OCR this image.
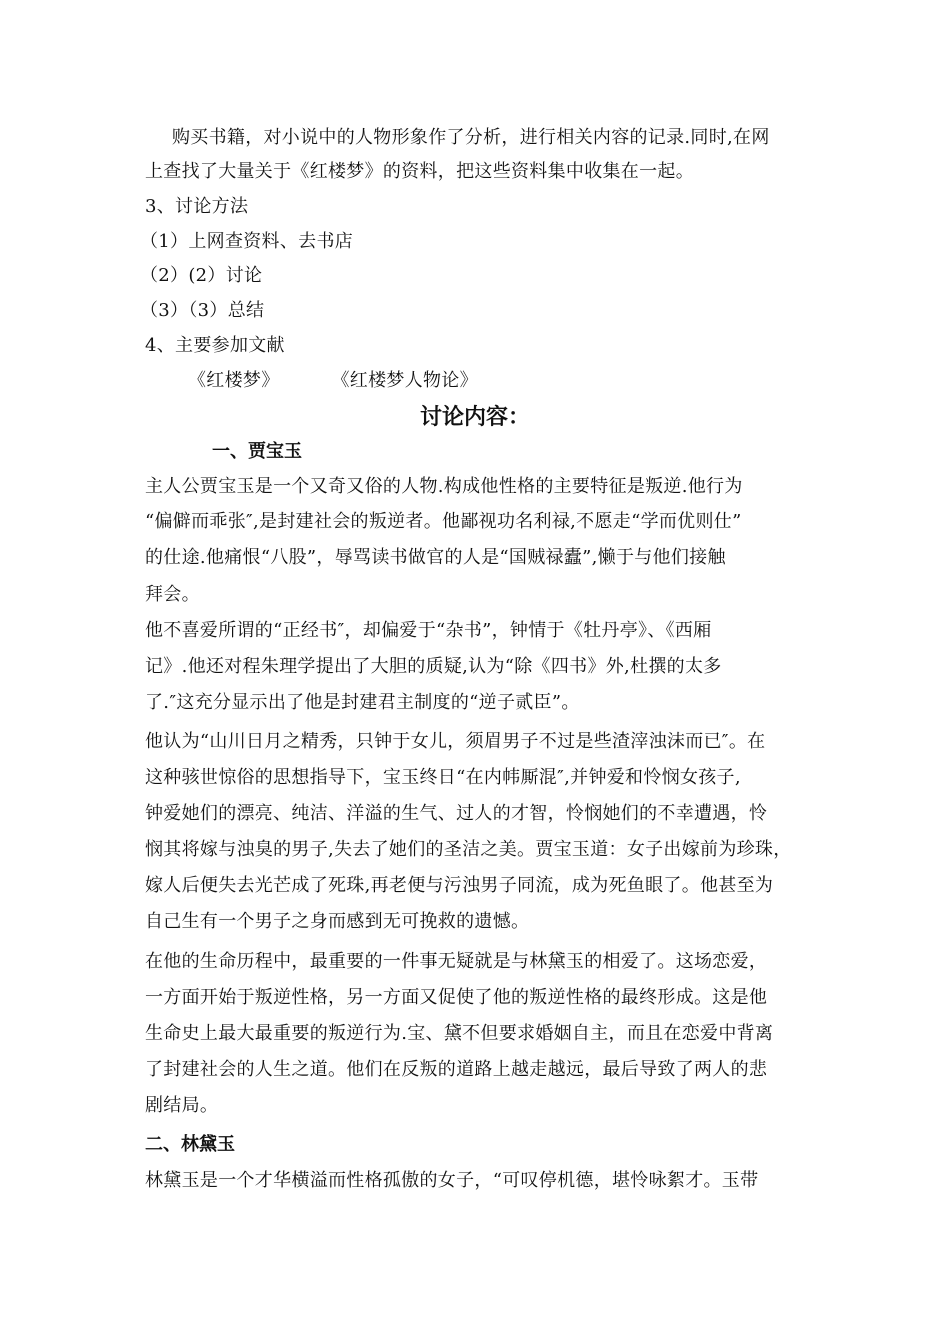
购买书籍，对小说中的人物形象作了分析，进行相关内容的记录.同时,在网
上查找了大量关于《红楼梦》的资料，把这些资料集中收集在一起。
3、讨论方法
（1）上网查资料、去书店
（2）(2）讨论
（3）（3）总结
4、主要参加文献
《红楼梦》	《红楼梦人物论》
讨论内容：
一、贾宝玉
主人公贾宝玉是一个又奇又俗的人物.构成他性格的主要特征是叛逆.他行为
“偏僻而乖张″,是封建社会的叛逆者。他鄙视功名利禄,不愿走“学而优则仕”
的仕途.他痛恨“八股”，辱骂读书做官的人是“国贼禄蠹”,懒于与他们接触
拜会。
他不喜爱所谓的“正经书″，却偏爱于“杂书”，钟情于《牡丹亭》、《西厢
记》.他还对程朱理学提出了大胆的质疑,认为“除《四书》外,杜撰的太多
了.″这充分显示出了他是封建君主制度的“逆子贰臣”。
他认为“山川日月之精秀，只钟于女儿，须眉男子不过是些渣滓浊沫而已″。在
这种骇世惊俗的思想指导下，宝玉终日“在内帏厮混″,并钟爱和怜悯女孩子,
钟爱她们的漂亮、纯洁、洋溢的生气、过人的才智，怜悯她们的不幸遭遇，怜
悯其将嫁与浊臭的男子,失去了她们的圣洁之美。贾宝玉道：女子出嫁前为珍珠，
嫁人后便失去光芒成了死珠,再老便与污浊男子同流，成为死鱼眼了。他甚至为
自己生有一个男子之身而感到无可挽救的遗憾。
在他的生命历程中，最重要的一件事无疑就是与林黛玉的相爱了。这场恋爱，
一方面开始于叛逆性格，另一方面又促使了他的叛逆性格的最终形成。这是他
生命史上最大最重要的叛逆行为.宝、黛不但要求婚姻自主，而且在恋爱中背离
了封建社会的人生之道。他们在反叛的道路上越走越远，最后导致了两人的悲
剧结局。
二、林黛玉
林黛玉是一个才华横溢而性格孤傲的女子，“可叹停机德，堪怜咏絮才。玉带
